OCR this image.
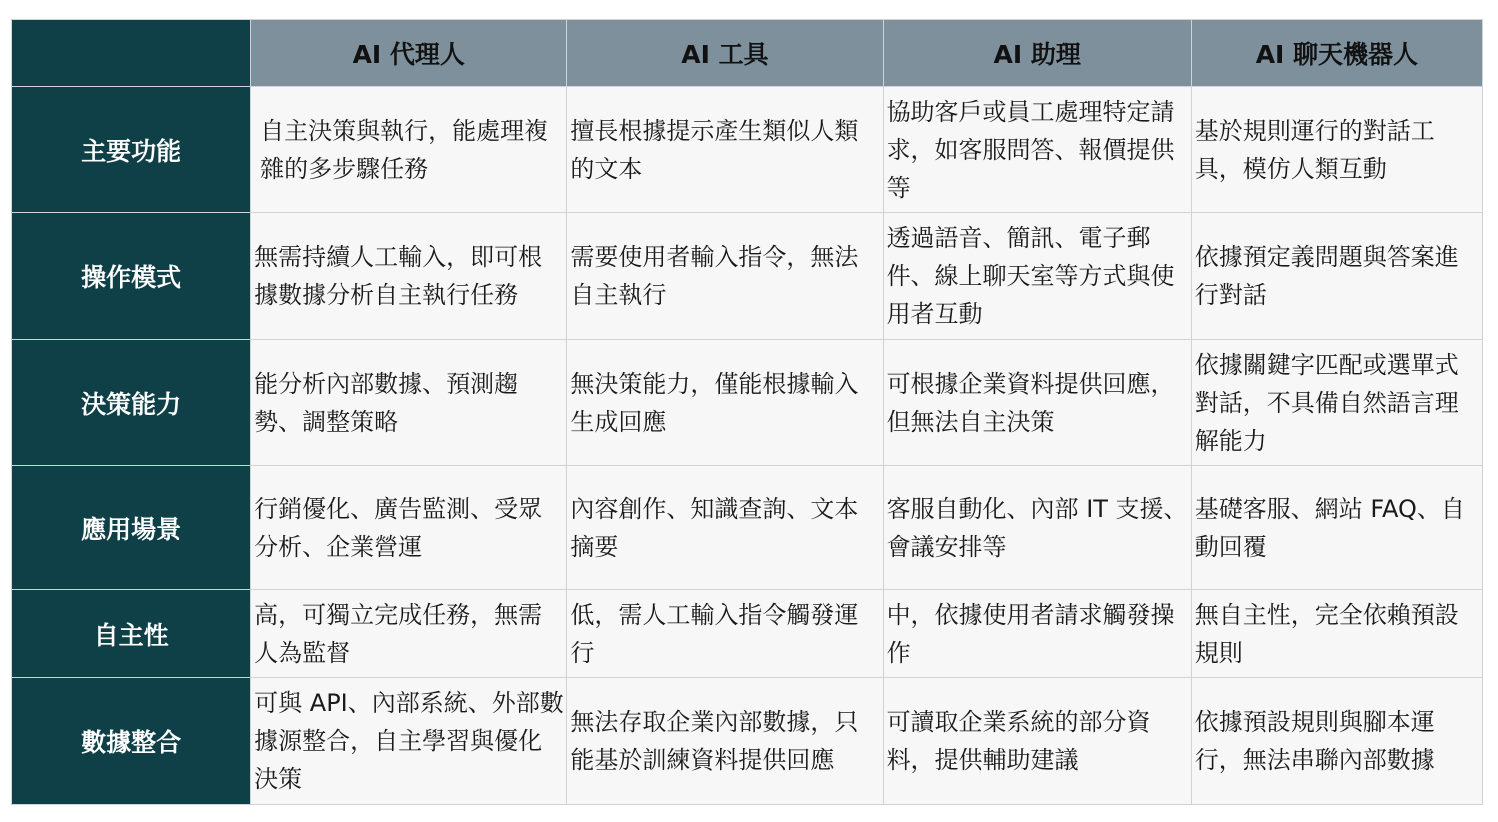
	AI 代理人	AI 工具	AI 助理	AI 聊天機器人
主要功能	自主決策與執行，能處理複雜的多步驟任務	擅長根據提示產生類似人類的文本	協助客戶或員工處理特定請求，如客服問答、報價提供等	基於規則運行的對話工具，模仿人類互動
操作模式	無需持續人工輸入，即可根據數據分析自主執行任務	需要使用者輸入指令，無法自主執行	透過語音、簡訊、電子郵件、線上聊天室等方式與使用者互動	依據預定義問題與答案進行對話
決策能力	能分析內部數據、預測趨勢、調整策略	無決策能力，僅能根據輸入生成回應	可根據企業資料提供回應，但無法自主決策	依據關鍵字匹配或選單式對話，不具備自然語言理解能力
應用場景	行銷優化、廣告監測、受眾分析、企業營運	內容創作、知識查詢、文本摘要	客服自動化、內部 IT 支援、會議安排等	基礎客服、網站 FAQ、自動回覆
自主性	高，可獨立完成任務，無需人為監督	低，需人工輸入指令觸發運行	中，依據使用者請求觸發操作	無自主性，完全依賴預設規則
數據整合	可與 API、內部系統、外部數據源整合，自主學習與優化決策	無法存取企業內部數據，只能基於訓練資料提供回應	可讀取企業系統的部分資料，提供輔助建議	依據預設規則與腳本運行，無法串聯內部數據
